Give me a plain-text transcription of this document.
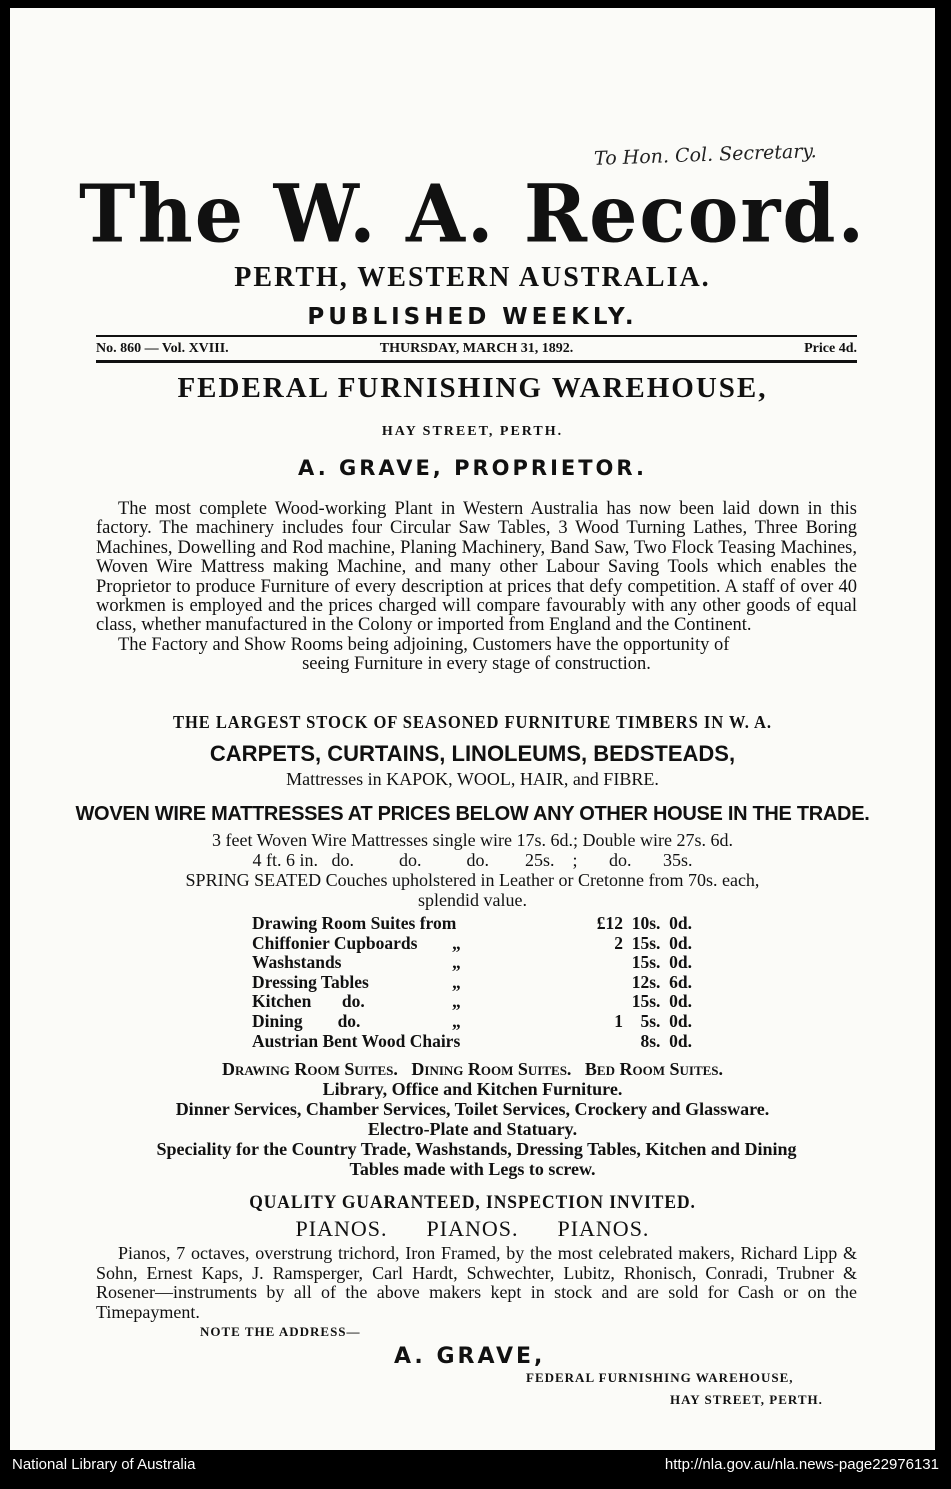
To Hon. Col. Secretary.
The W. A. Record.
PERTH, WESTERN AUSTRALIA.
PUBLISHED WEEKLY.
No. 860 — Vol. XVIII.	THURSDAY, MARCH 31, 1892.	Price 4d.
FEDERAL FURNISHING WAREHOUSE,
HAY STREET, PERTH.
A. GRAVE, PROPRIETOR.

The most complete Wood-working Plant in Western Australia has now been laid down in this factory. The machinery includes four Circular Saw Tables, 3 Wood Turning Lathes, Three Boring Machines, Dowelling and Rod machine, Planing Machinery, Band Saw, Two Flock Teasing Machines, Woven Wire Mattress making Machine, and many other Labour Saving Tools which enables the Proprietor to produce Furniture of every description at prices that defy competition. A staff of over 40 workmen is employed and the prices charged will compare favourably with any other goods of equal class, whether manufactured in the Colony or imported from England and the Continent.

The Factory and Show Rooms being adjoining, Customers have the opportunity of

seeing Furniture in every stage of construction.

THE LARGEST STOCK OF SEASONED FURNITURE TIMBERS IN W. A.
CARPETS, CURTAINS, LINOLEUMS, BEDSTEADS,
Mattresses in KAPOK, WOOL, HAIR, and FIBRE.
WOVEN WIRE MATTRESSES AT PRICES BELOW ANY OTHER HOUSE IN THE TRADE.
3 feet Woven Wire Mattresses single wire 17s. 6d.; Double wire 27s. 6d.
4 ft. 6 in.   do.          do.          do.        25s.    ;       do.       35s.
SPRING SEATED Couches upholstered in Leather or Cretonne from 70s. each,
splendid value.
Drawing Room Suites from	£12  10s.  0d.
Chiffonier Cupboards „	2  15s.  0d.
Washstands	„	15s.  0d.
Dressing Tables	„	12s.  6d.
Kitchen       do.	„	15s.  0d.
Dining        do.	„	1    5s.  0d.
Austrian Bent Wood Chairs	8s.  0d.
Drawing Room Suites.   Dining Room Suites.   Bed Room Suites.
Library, Office and Kitchen Furniture.
Dinner Services, Chamber Services, Toilet Services, Crockery and Glassware.
Electro-Plate and Statuary.
Speciality for the Country Trade, Washstands, Dressing Tables, Kitchen and Dining
Tables made with Legs to screw.
QUALITY GUARANTEED, INSPECTION INVITED.
PIANOS.      PIANOS.      PIANOS.

Pianos, 7 octaves, overstrung trichord, Iron Framed, by the most celebrated makers, Richard Lipp & Sohn, Ernest Kaps, J. Ramsperger, Carl Hardt, Schwechter, Lubitz, Rhonisch, Conradi, Trubner & Rosener—instruments by all of the above makers kept in stock and are sold for Cash or on the Timepayment.

NOTE THE ADDRESS—
A. GRAVE,
FEDERAL FURNISHING WAREHOUSE,
HAY STREET, PERTH.
National Library of Australia	http://nla.gov.au/nla.news-page22976131
